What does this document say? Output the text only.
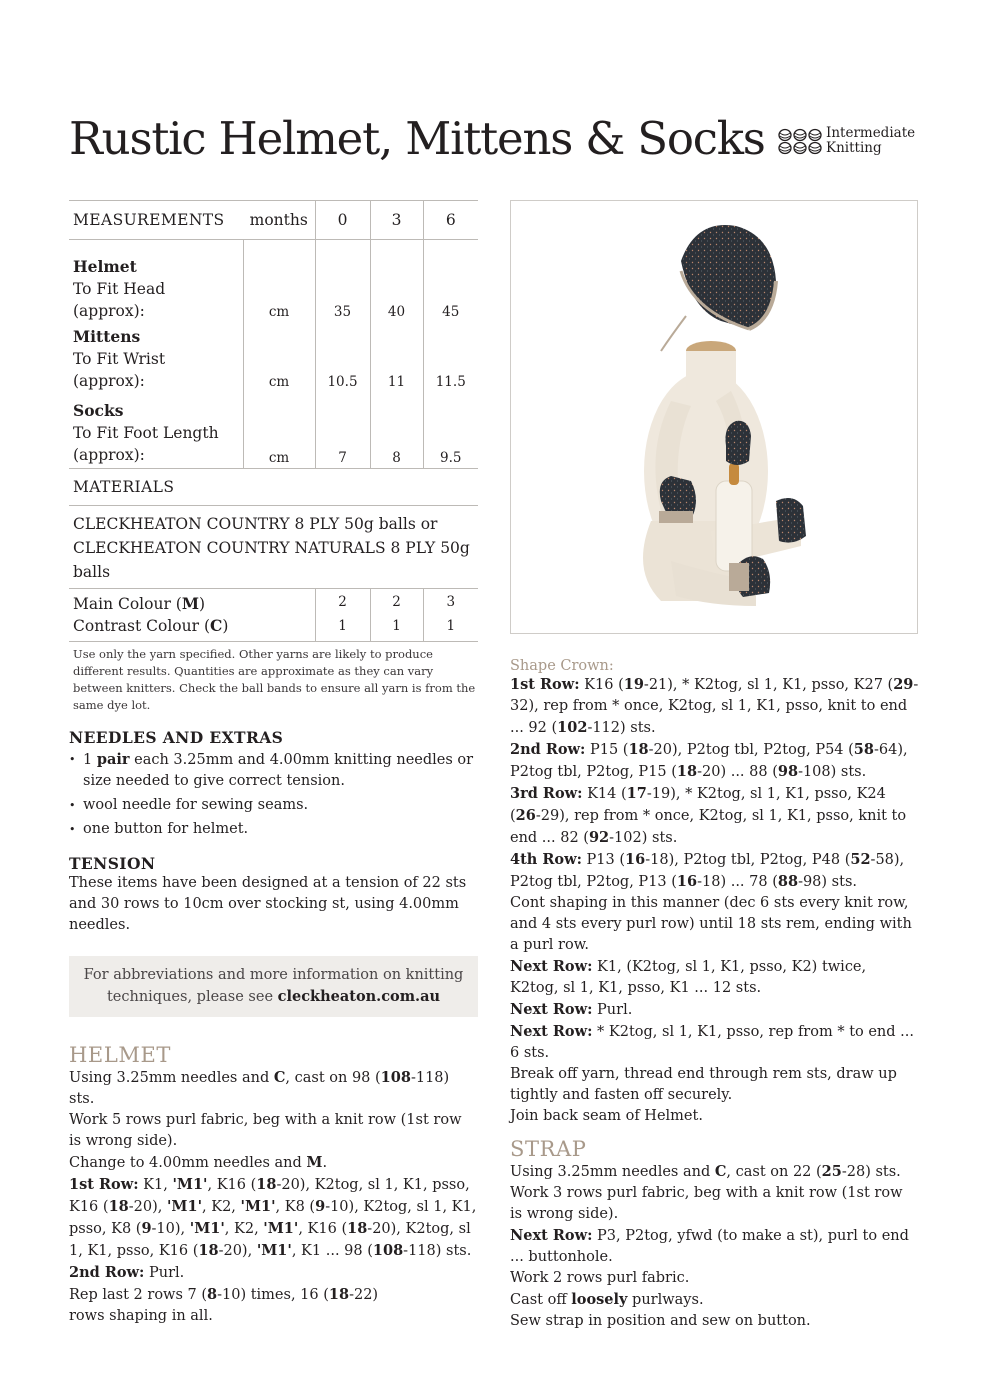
Rustic Helmet, Mittens & Socks	Intermediate
Knitting
MEASUREMENTS	months	0	3	6

Helmet
To Fit Head (approx):	cm	35	40	45

Mittens
To Fit Wrist (approx):	cm	10.5	11	11.5

Socks
To Fit Foot Length
(approx):	cm	7	8	9.5
MATERIALS				
CLECKHEATON COUNTRY 8 PLY 50g balls or CLECKHEATON COUNTRY NATURALS 8 PLY 50g balls				
Main Colour (M)		2	2	3
Contrast Colour (C)		1	1	1
Use only the yarn specified. Other yarns are likely to produce different results. Quantities are approximate as they can vary between knitters. Check the ball bands to ensure all yarn is from the same dye lot.
NEEDLES AND EXTRAS
• 1 pair each 3.25mm and 4.00mm knitting needles or size needed to give correct tension.
• wool needle for sewing seams.
• one button for helmet.
TENSION

These items have been designed at a tension of 22 sts and 30 rows to 10cm over stocking st, using 4.00mm needles.

For abbreviations and more information on knitting techniques, please see cleckheaton.com.au
HELMET

Using 3.25mm needles and C, cast on 98 (108-118) sts.

Work 5 rows purl fabric, beg with a knit row (1st row is wrong side).

Change to 4.00mm needles and M.

1st Row: K1, 'M1', K16 (18-20), K2tog, sl 1, K1, psso, K16 (18-20), 'M1', K2, 'M1', K8 (9-10), K2tog, sl 1, K1, psso, K8 (9-10), 'M1', K2, 'M1', K16 (18-20), K2tog, sl 1, K1, psso, K16 (18-20), 'M1', K1 ... 98 (108-118) sts.

2nd Row: Purl.

Rep last 2 rows 7 (8-10) times, 16 (18-22) rows shaping in all.

Shape Crown:

1st Row: K16 (19-21), * K2tog, sl 1, K1, psso, K27 (29-32), rep from * once, K2tog, sl 1, K1, psso, knit to end ... 92 (102-112) sts.

2nd Row: P15 (18-20), P2tog tbl, P2tog, P54 (58-64), P2tog tbl, P2tog, P15 (18-20) ... 88 (98-108) sts.

3rd Row: K14 (17-19), * K2tog, sl 1, K1, psso, K24 (26-29), rep from * once, K2tog, sl 1, K1, psso, knit to end ... 82 (92-102) sts.

4th Row: P13 (16-18), P2tog tbl, P2tog, P48 (52-58), P2tog tbl, P2tog, P13 (16-18) ... 78 (88-98) sts.

Cont shaping in this manner (dec 6 sts every knit row, and 4 sts every purl row) until 18 sts rem, ending with a purl row.

Next Row: K1, (K2tog, sl 1, K1, psso, K2) twice, K2tog, sl 1, K1, psso, K1 ... 12 sts.

Next Row: Purl.

Next Row: * K2tog, sl 1, K1, psso, rep from * to end ... 6 sts.

Break off yarn, thread end through rem sts, draw up tightly and fasten off securely.

Join back seam of Helmet.

STRAP

Using 3.25mm needles and C, cast on 22 (25-28) sts.

Work 3 rows purl fabric, beg with a knit row (1st row is wrong side).

Next Row: P3, P2tog, yfwd (to make a st), purl to end ... buttonhole.

Work 2 rows purl fabric.

Cast off loosely purlways.

Sew strap in position and sew on button.
